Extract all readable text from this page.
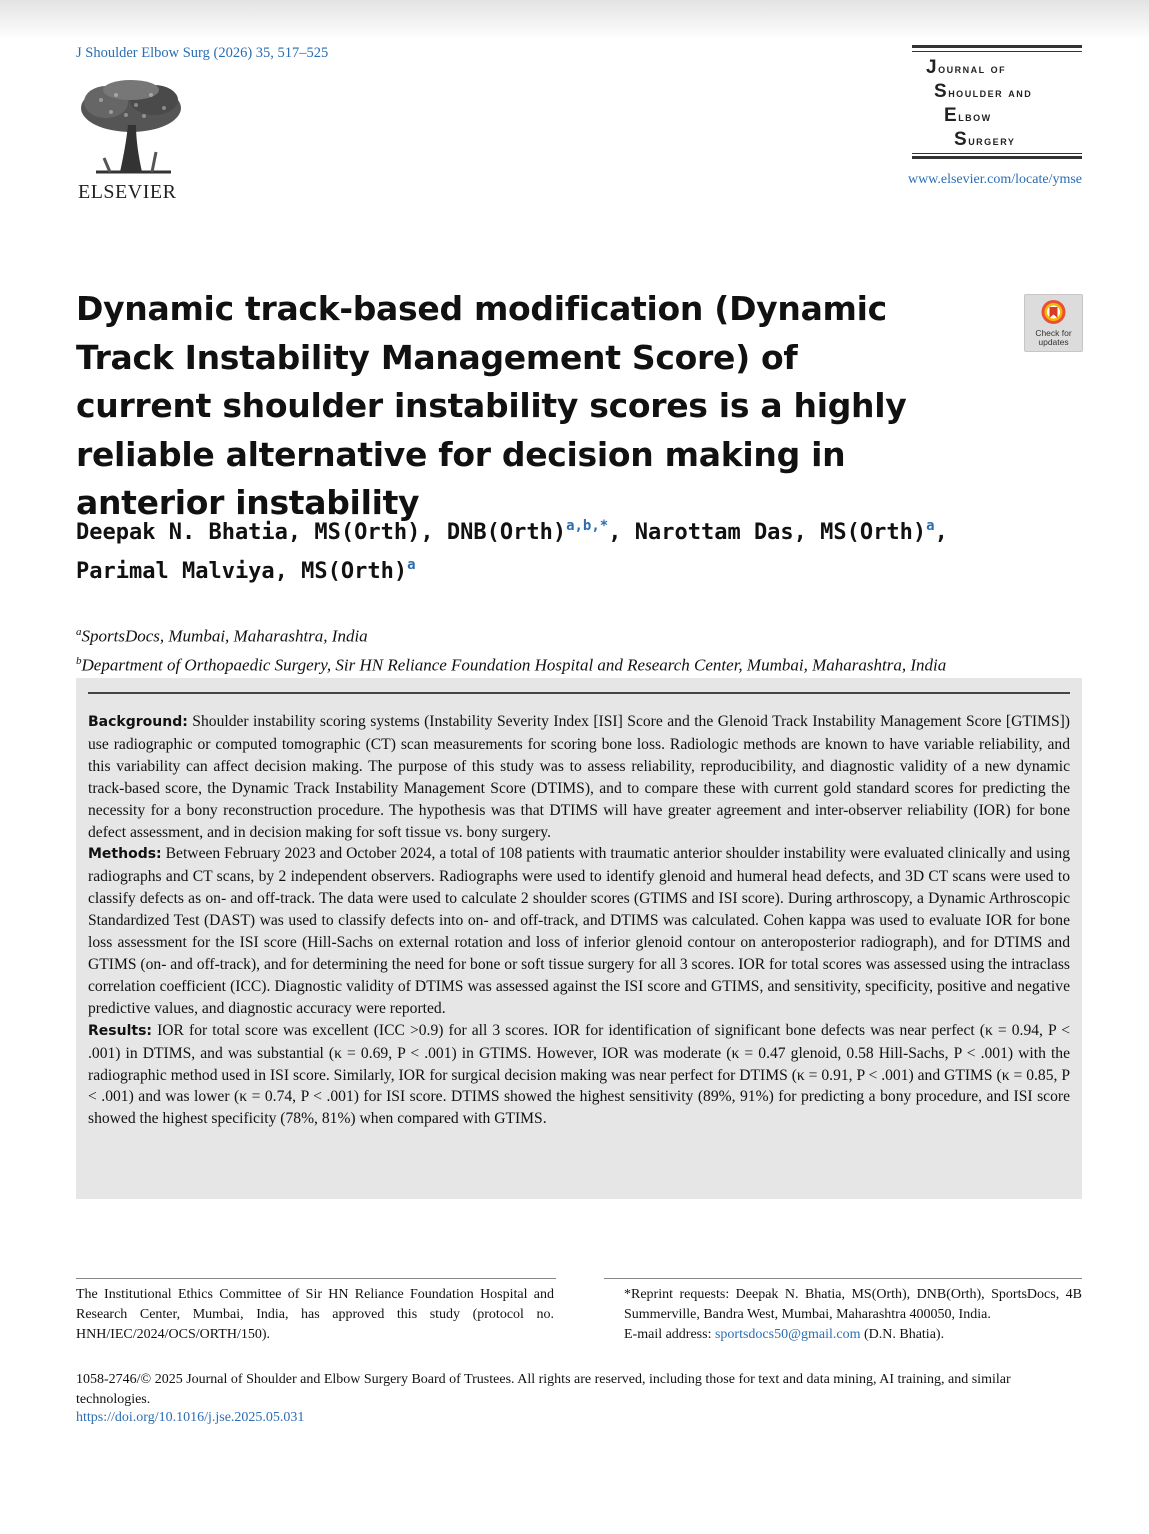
J Shoulder Elbow Surg (2026) 35, 517–525
ELSEVIER
Journal of
Shoulder and
Elbow
Surgery
www.elsevier.com/locate/ymse
Dynamic track-based modification (Dynamic Track Instability Management Score) of current shoulder instability scores is a highly reliable alternative for decision making in anterior instability
Check for
updates
Deepak N. Bhatia, MS(Orth), DNB(Orth)$^{a,b,*}$, Narottam Das, MS(Orth)$^a$,
Parimal Malviya, MS(Orth)$^a$
$^a$SportsDocs, Mumbai, Maharashtra, India
$^b$Department of Orthopaedic Surgery, Sir HN Reliance Foundation Hospital and Research Center, Mumbai, Maharashtra, India

Background: Shoulder instability scoring systems (Instability Severity Index [ISI] Score and the Glenoid Track Instability Management Score [GTIMS]) use radiographic or computed tomographic (CT) scan measurements for scoring bone loss. Radiologic methods are known to have variable reliability, and this variability can affect decision making. The purpose of this study was to assess reliability, reproducibility, and diagnostic validity of a new dynamic track-based score, the Dynamic Track Instability Management Score (DTIMS), and to compare these with current gold standard scores for predicting the necessity for a bony reconstruction procedure. The hypothesis was that DTIMS will have greater agreement and inter-observer reliability (IOR) for bone defect assessment, and in decision making for soft tissue vs. bony surgery.

Methods: Between February 2023 and October 2024, a total of 108 patients with traumatic anterior shoulder instability were evaluated clinically and using radiographs and CT scans, by 2 independent observers. Radiographs were used to identify glenoid and humeral head defects, and 3D CT scans were used to classify defects as on- and off-track. The data were used to calculate 2 shoulder scores (GTIMS and ISI score). During arthroscopy, a Dynamic Arthroscopic Standardized Test (DAST) was used to classify defects into on- and off-track, and DTIMS was calculated. Cohen kappa was used to evaluate IOR for bone loss assessment for the ISI score (Hill-Sachs on external rotation and loss of inferior glenoid contour on anteroposterior radiograph), and for DTIMS and GTIMS (on- and off-track), and for determining the need for bone or soft tissue surgery for all 3 scores. IOR for total scores was assessed using the intraclass correlation coefficient (ICC). Diagnostic validity of DTIMS was assessed against the ISI score and GTIMS, and sensitivity, specificity, positive and negative predictive values, and diagnostic accuracy were reported.

Results: IOR for total score was excellent (ICC >0.9) for all 3 scores. IOR for identification of significant bone defects was near perfect (κ = 0.94, P < .001) in DTIMS, and was substantial (κ = 0.69, P < .001) in GTIMS. However, IOR was moderate (κ = 0.47 glenoid, 0.58 Hill-Sachs, P < .001) with the radiographic method used in ISI score. Similarly, IOR for surgical decision making was near perfect for DTIMS (κ = 0.91, P < .001) and GTIMS (κ = 0.85, P < .001) and was lower (κ = 0.74, P < .001) for ISI score. DTIMS showed the highest sensitivity (89%, 91%) for predicting a bony procedure, and ISI score showed the highest specificity (78%, 81%) when compared with GTIMS.

The Institutional Ethics Committee of Sir HN Reliance Foundation Hospital and Research Center, Mumbai, India, has approved this study (protocol no. HNH/IEC/2024/OCS/ORTH/150).
*Reprint requests: Deepak N. Bhatia, MS(Orth), DNB(Orth), SportsDocs, 4B Summerville, Bandra West, Mumbai, Maharashtra 400050, India.
E-mail address: sportsdocs50@gmail.com (D.N. Bhatia).
1058-2746/© 2025 Journal of Shoulder and Elbow Surgery Board of Trustees. All rights are reserved, including those for text and data mining, AI training, and similar technologies.
https://doi.org/10.1016/j.jse.2025.05.031
